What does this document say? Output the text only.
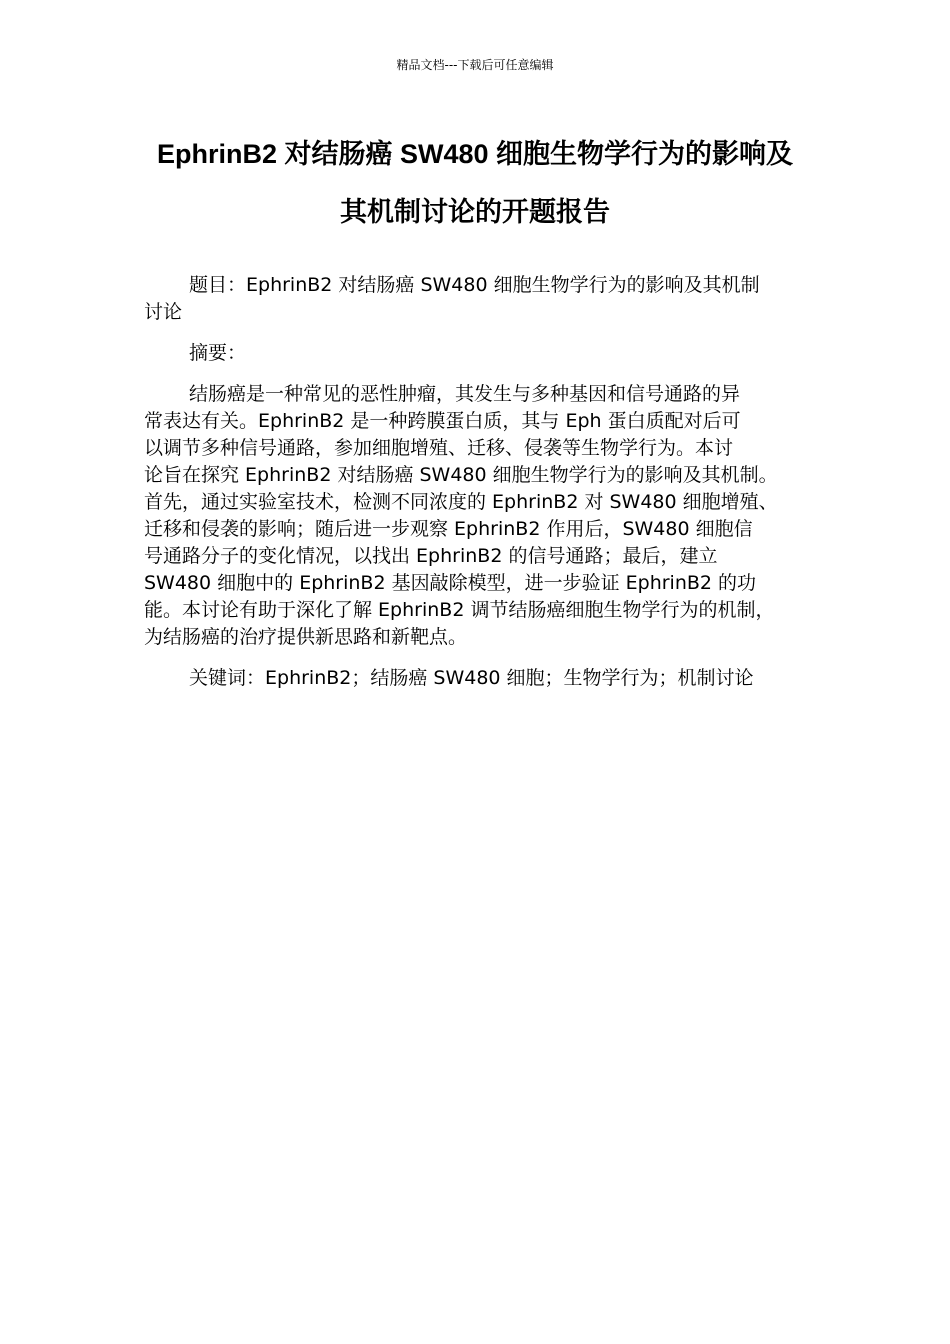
精品文档---下载后可任意编辑
EphrinB2 对结肠癌 SW480 细胞生物学行为的影响及
其机制讨论的开题报告
题目：EphrinB2 对结肠癌 SW480 细胞生物学行为的影响及其机制
讨论
摘要：
结肠癌是一种常见的恶性肿瘤，其发生与多种基因和信号通路的异
常表达有关。EphrinB2 是一种跨膜蛋白质，其与 Eph 蛋白质配对后可
以调节多种信号通路，参加细胞增殖、迁移、侵袭等生物学行为。本讨
论旨在探究 EphrinB2 对结肠癌 SW480 细胞生物学行为的影响及其机制。
首先，通过实验室技术，检测不同浓度的 EphrinB2 对 SW480 细胞增殖、
迁移和侵袭的影响；随后进一步观察 EphrinB2 作用后，SW480 细胞信
号通路分子的变化情况，以找出 EphrinB2 的信号通路；最后，建立
SW480 细胞中的 EphrinB2 基因敲除模型，进一步验证 EphrinB2 的功
能。本讨论有助于深化了解 EphrinB2 调节结肠癌细胞生物学行为的机制，
为结肠癌的治疗提供新思路和新靶点。
关键词：EphrinB2；结肠癌 SW480 细胞；生物学行为；机制讨论
